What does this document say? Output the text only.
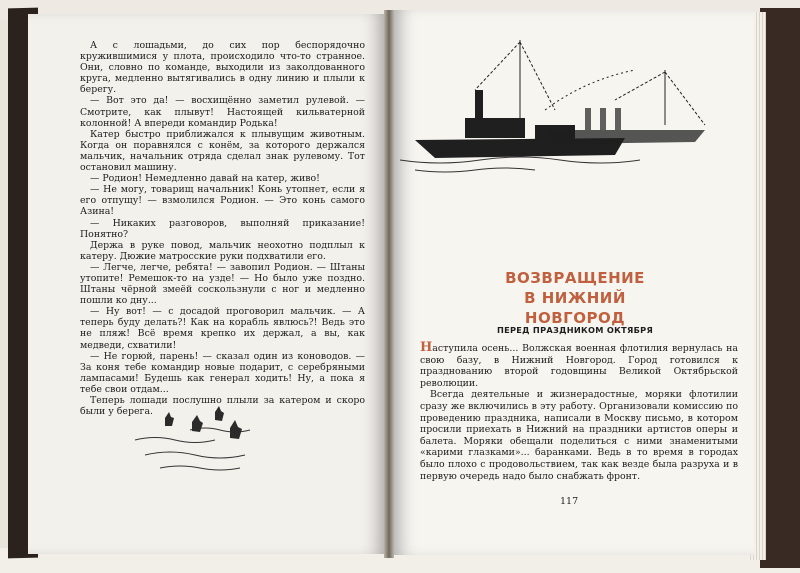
А с лошадьми, до сих пор беспорядочно кружившимися у плота, происходило что-то странное. Они, словно по команде, выходили из заколдованного круга, медленно вытягивались в одну линию и плыли к берегу.

— Вот это да! — восхищённо заметил рулевой. — Смотрите, как плывут! Настоящей кильватерной колонной! А впереди командир Родька!

Катер быстро приближался к плывущим животным. Когда он поравнялся с конём, за которого держался мальчик, начальник отряда сделал знак рулевому. Тот остановил машину.

— Родион! Немедленно давай на катер, живо!

— Не могу, товарищ начальник! Конь утопнет, если я его отпущу! — взмолился Родион. — Это конь самого Азина!

— Никаких разговоров, выполняй приказание! Понятно?

Держа в руке повод, мальчик неохотно подплыл к катеру. Дюжие матросские руки подхватили его.

— Легче, легче, ребята! — завопил Родион. — Штаны утопите! Ремешок-то на узде! — Но было уже поздно. Штаны чёрной змеёй соскользнули с ног и медленно пошли ко дну...

— Ну вот! — с досадой проговорил мальчик. — А теперь буду делать?! Как на корабль явлюсь?! Ведь это не пляж! Всё время крепко их держал, а вы, как медведи, схватили!

— Не горюй, парень! — сказал один из коноводов. — За коня тебе командир новые подарит, с серебряными лампасами! Будешь как генерал ходить! Ну, а пока я тебе свои отдам...

Теперь лошади послушно плыли за катером и скоро были у берега.

ВОЗВРАЩЕНИЕ
В НИЖНИЙ НОВГОРОД
ПЕРЕД ПРАЗДНИКОМ ОКТЯБРЯ

Наступила осень... Волжская военная флотилия вернулась на свою базу, в Нижний Новгород. Город готовился к празднованию второй годовщины Великой Октябрьской революции.

Всегда деятельные и жизнерадостные, моряки флотилии сразу же включились в эту работу. Организовали комиссию по проведению праздника, написали в Москву письмо, в котором просили приехать в Нижний на праздники артистов оперы и балета. Моряки обещали поделиться с ними знаменитыми «карими глазками»... баранками. Ведь в то время в городах было плохо с продовольствием, так как везде была разруха и в первую очередь надо было снабжать фронт.

117
